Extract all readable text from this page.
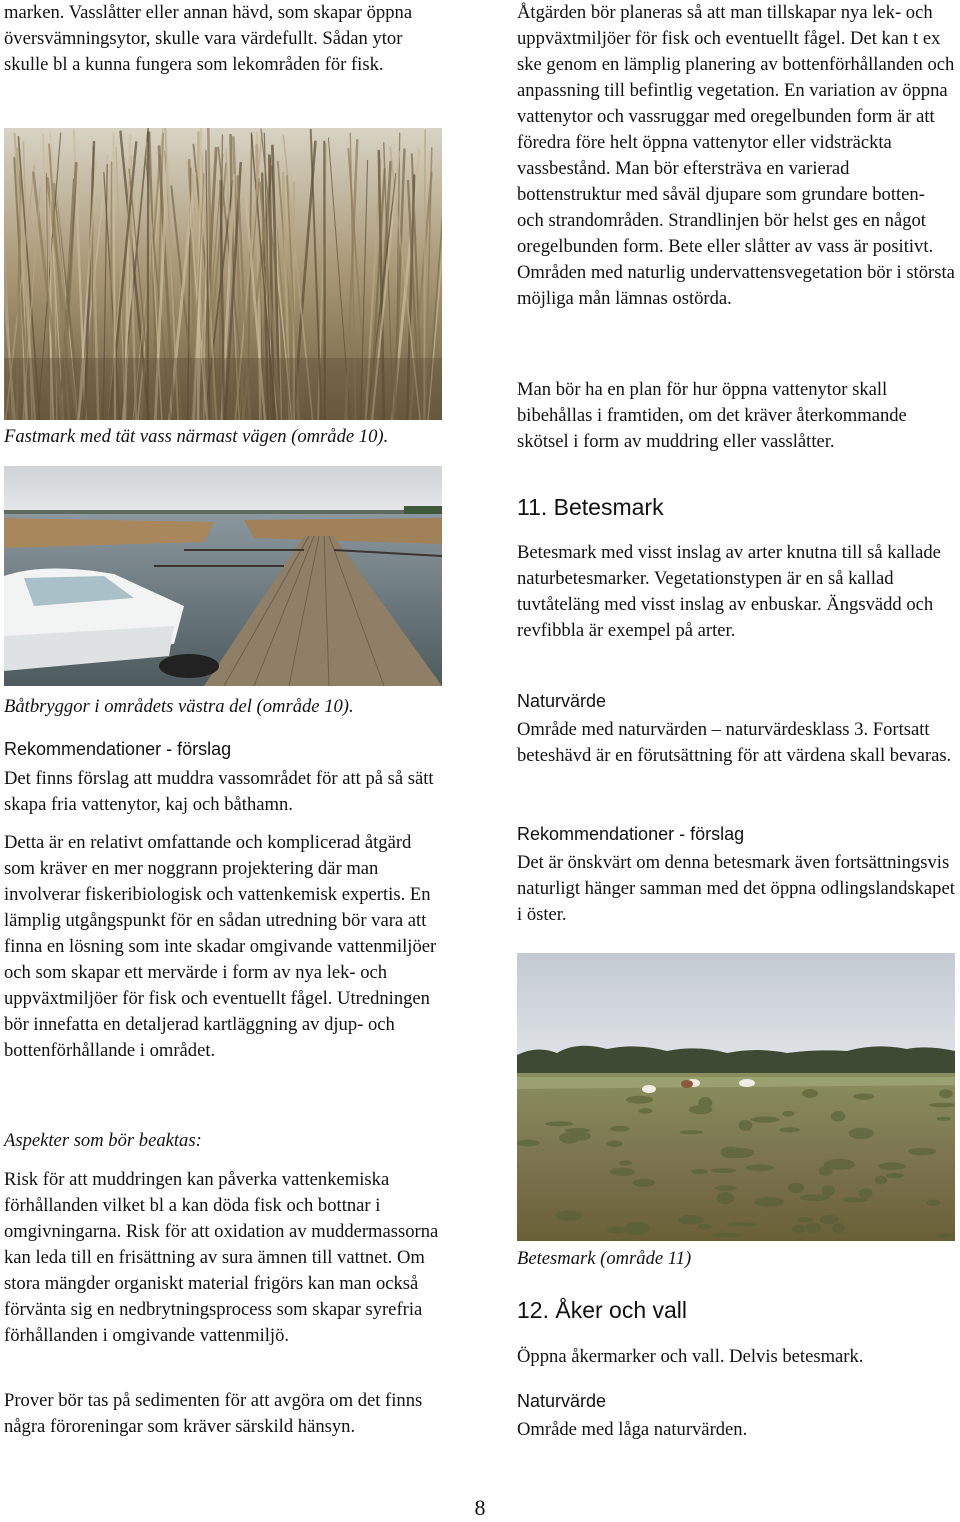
marken. Vasslåtter eller annan hävd, som skapar öppna översvämningsytor, skulle vara värdefullt. Sådan ytor skulle bl a kunna fungera som lekområden för fisk.

Fastmark med tät vass närmast vägen (område 10).

Båtbryggor i områdets västra del (område 10).

Rekommendationer - förslag

Det finns förslag att muddra vassområdet för att på så sätt skapa fria vattenytor, kaj och båthamn.

Detta är en relativt omfattande och komplicerad åtgärd som kräver en mer noggrann projektering där man involverar fiskeribiologisk och vattenkemisk expertis. En lämplig utgångspunkt för en sådan utredning bör vara att finna en lösning som inte skadar omgivande vattenmiljöer och som skapar ett mervärde i form av nya lek- och uppväxtmiljöer för fisk och eventuellt fågel. Utredningen bör innefatta en detaljerad kartläggning av djup- och bottenförhållande i området.

Aspekter som bör beaktas:

Risk för att muddringen kan påverka vattenkemiska förhållanden vilket bl a kan döda fisk och bottnar i omgivningarna. Risk för att oxidation av muddermassorna kan leda till en frisättning av sura ämnen till vattnet. Om stora mängder organiskt material frigörs kan man också förvänta sig en nedbrytningsprocess som skapar syrefria förhållanden i omgivande vattenmiljö.

Prover bör tas på sedimenten för att avgöra om det finns några föroreningar som kräver särskild hänsyn.

Åtgärden bör planeras så att man tillskapar nya lek- och uppväxtmiljöer för fisk och eventuellt fågel. Det kan t ex ske genom en lämplig planering av bottenförhållanden och anpassning till befintlig vegetation. En variation av öppna vattenytor och vassruggar med oregelbunden form är att föredra före helt öppna vattenytor eller vidsträckta vassbestånd. Man bör eftersträva en varierad bottenstruktur med såväl djupare som grundare botten- och strandområden. Strandlinjen bör helst ges en något oregelbunden form. Bete eller slåtter av vass är positivt. Områden med naturlig undervattensvegetation bör i största möjliga mån lämnas ostörda.

Man bör ha en plan för hur öppna vattenytor skall bibehållas i framtiden, om det kräver återkommande skötsel i form av muddring eller vasslåtter.

11. Betesmark

Betesmark med visst inslag av arter knutna till så kallade naturbetesmarker. Vegetationstypen är en så kallad tuvtåteläng med visst inslag av enbuskar. Ängsvädd och revfibbla är exempel på arter.

Naturvärde

Område med naturvärden – naturvärdesklass 3. Fortsatt beteshävd är en förutsättning för att värdena skall bevaras.

Rekommendationer - förslag

Det är önskvärt om denna betesmark även fortsättningsvis naturligt hänger samman med det öppna odlingslandskapet i öster.

Betesmark (område 11)

12. Åker och vall

Öppna åkermarker och vall. Delvis betesmark.

Naturvärde

Område med låga naturvärden.

8
